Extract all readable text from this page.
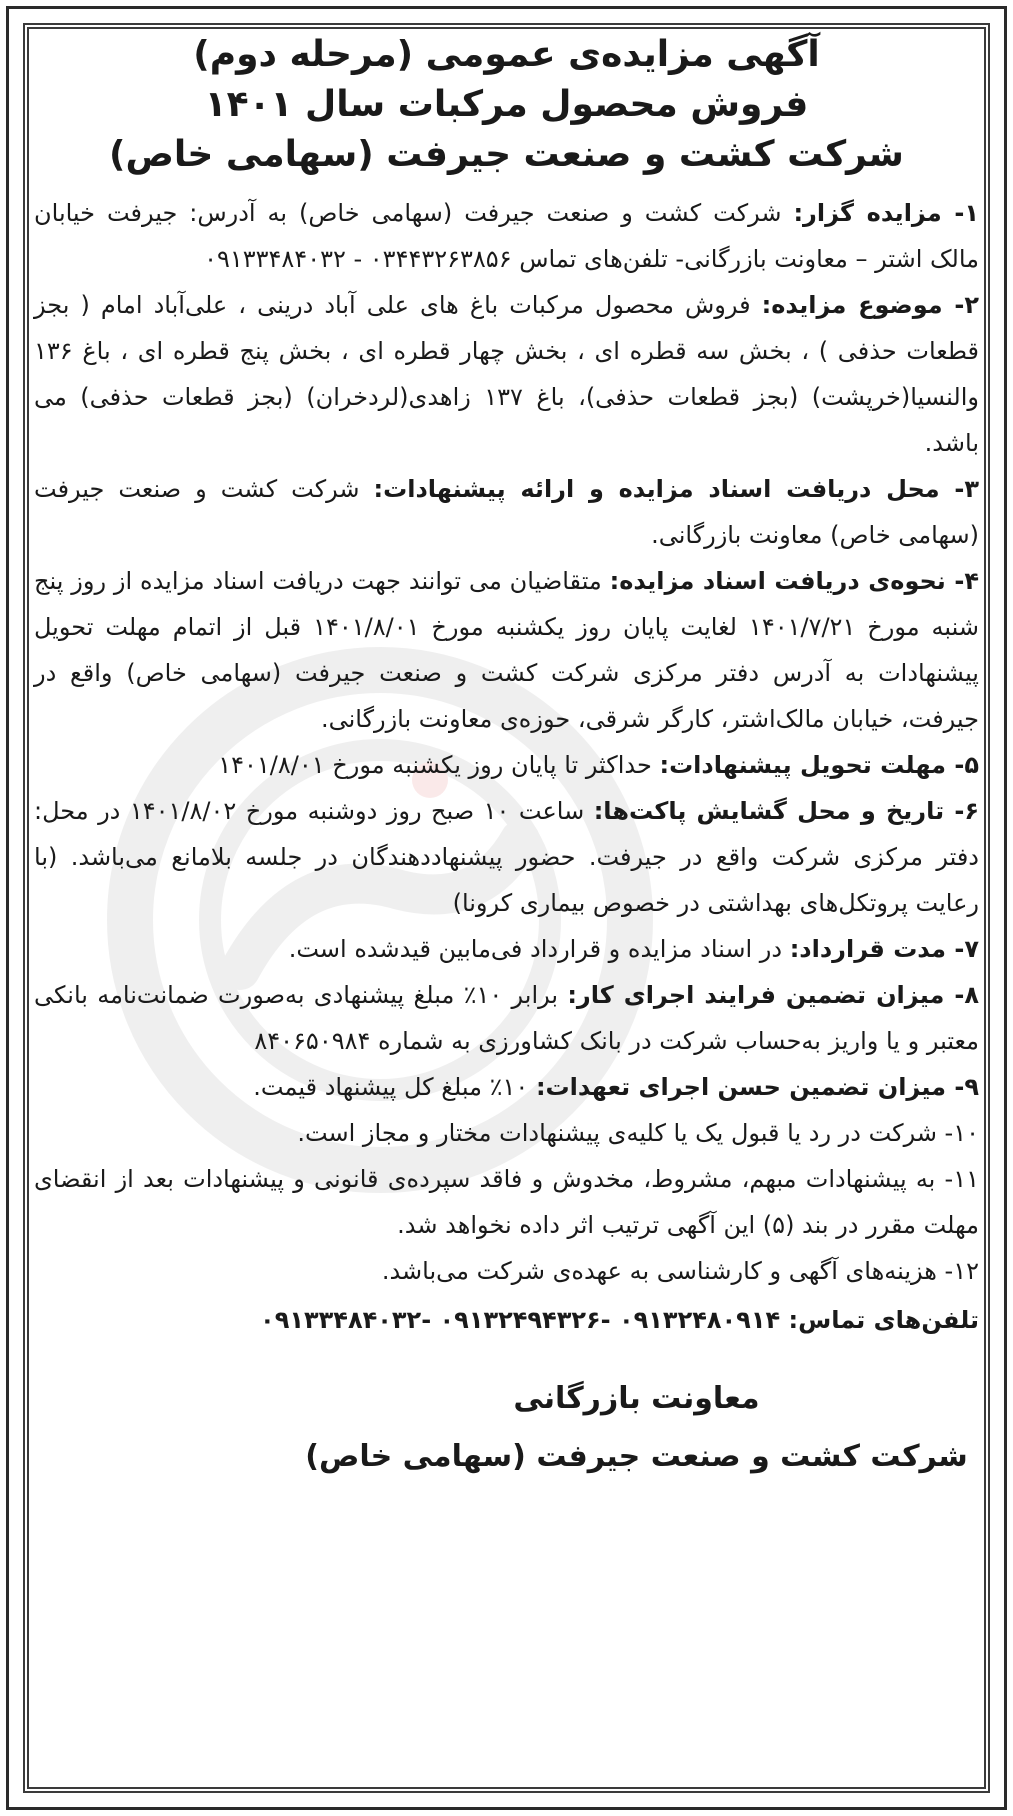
آگهی مزایده‌ی عمومی (مرحله دوم)
فروش محصول مرکبات سال ۱۴۰۱
شرکت کشت و صنعت جیرفت (سهامی خاص)
۱- مزایده گزار: شرکت کشت و صنعت جیرفت (سهامی خاص) به آدرس: جیرفت خیابان مالک اشتر – معاونت بازرگانی- تلفن‌های تماس ۰۳۴۴۳۲۶۳۸۵۶ - ۰۹۱۳۳۴۸۴۰۳۲
۲- موضوع مزایده: فروش محصول مرکبات باغ های علی آباد درینی ، علی‌آباد امام ( بجز قطعات حذفی ) ، بخش سه قطره ای ، بخش چهار قطره ای ، بخش پنج قطره ای ، باغ ۱۳۶ والنسیا(خرپشت) (بجز قطعات حذفی)، باغ ۱۳۷ زاهدی(لردخران) (بجز قطعات حذفی) می باشد.
۳- محل دریافت اسناد مزایده و ارائه پیشنهادات: شرکت کشت و صنعت جیرفت (سهامی خاص) معاونت بازرگانی.
۴- نحوه‌ی دریافت اسناد مزایده: متقاضیان می توانند جهت دریافت اسناد مزایده از روز پنج شنبه مورخ ۱۴۰۱/۷/۲۱ لغایت پایان روز یکشنبه مورخ ۱۴۰۱/۸/۰۱ قبل از اتمام مهلت تحویل پیشنهادات به آدرس دفتر مرکزی شرکت کشت و صنعت جیرفت (سهامی خاص) واقع در جیرفت، خیابان مالک‌اشتر، کارگر شرقی، حوزه‌ی معاونت بازرگانی.
۵- مهلت تحویل پیشنهادات: حداکثر تا پایان روز یکشنبه مورخ ۱۴۰۱/۸/۰۱
۶- تاریخ و محل گشایش پاکت‌ها: ساعت ۱۰ صبح روز دوشنبه مورخ ۱۴۰۱/۸/۰۲ در محل: دفتر مرکزی شرکت واقع در جیرفت. حضور پیشنهاددهندگان در جلسه بلامانع می‌باشد. (با رعایت پروتکل‌های بهداشتی در خصوص بیماری کرونا)
۷- مدت قرارداد: در اسناد مزایده و قرارداد فی‌مابین قیدشده است.
۸- میزان تضمین فرایند اجرای کار: برابر ۱۰٪ مبلغ پیشنهادی به‌صورت ضمانت‌نامه بانکی معتبر و یا واریز به‌حساب شرکت در بانک کشاورزی به شماره ۸۴۰۶۵۰۹۸۴
۹- میزان تضمین حسن اجرای تعهدات: ۱۰٪ مبلغ کل پیشنهاد قیمت.
۱۰- شرکت در رد یا قبول یک یا کلیه‌ی پیشنهادات مختار و مجاز است.
۱۱- به پیشنهادات مبهم، مشروط، مخدوش و فاقد سپرده‌ی قانونی و پیشنهادات بعد از انقضای مهلت مقرر در بند (۵) این آگهی ترتیب اثر داده نخواهد شد.
۱۲- هزینه‌های آگهی و کارشناسی به عهده‌ی شرکت می‌باشد.
تلفن‌های تماس: ۰۹۱۳۲۴۸۰۹۱۴ -۰۹۱۳۲۴۹۴۳۲۶ -۰۹۱۳۳۴۸۴۰۳۲
معاونت بازرگانی
شرکت کشت و صنعت جیرفت (سهامی خاص)
